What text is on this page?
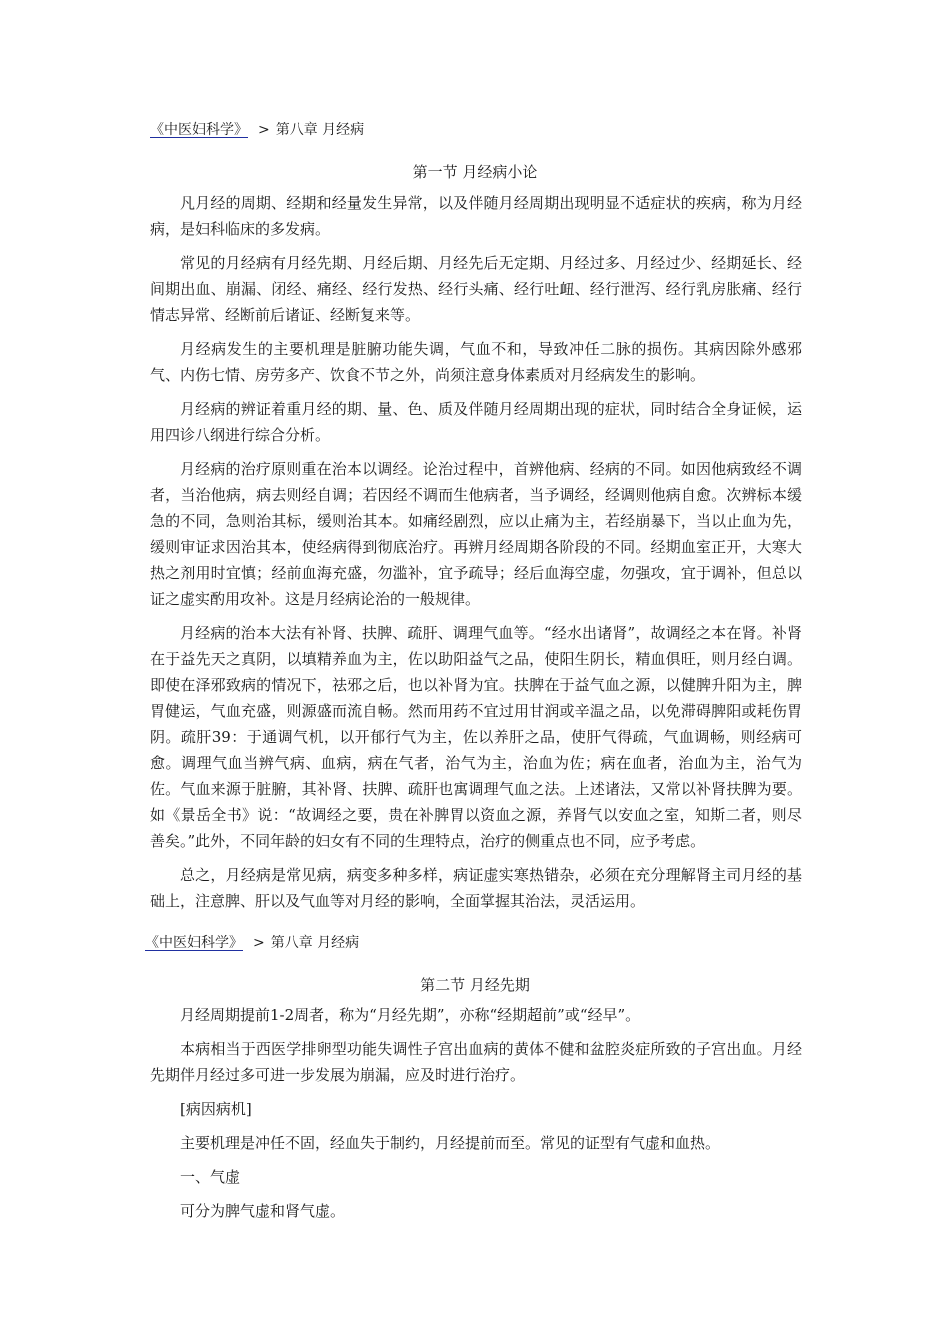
《中医妇科学》 > 第八章 月经病
第一节 月经病小论

凡月经的周期、经期和经量发生异常，以及伴随月经周期出现明显不适症状的疾病，称为月经病，是妇科临床的多发病。

常见的月经病有月经先期、月经后期、月经先后无定期、月经过多、月经过少、经期延长、经间期出血、崩漏、闭经、痛经、经行发热、经行头痛、经行吐衄、经行泄泻、经行乳房胀痛、经行情志异常、经断前后诸证、经断复来等。

月经病发生的主要机理是脏腑功能失调，气血不和，导致冲任二脉的损伤。其病因除外感邪气、内伤七情、房劳多产、饮食不节之外，尚须注意身体素质对月经病发生的影响。

月经病的辨证着重月经的期、量、色、质及伴随月经周期出现的症状，同时结合全身证候，运用四诊八纲进行综合分析。

月经病的治疗原则重在治本以调经。论治过程中，首辨他病、经病的不同。如因他病致经不调者，当治他病，病去则经自调；若因经不调而生他病者，当予调经，经调则他病自愈。次辨标本缓急的不同，急则治其标，缓则治其本。如痛经剧烈，应以止痛为主，若经崩暴下，当以止血为先，缓则审证求因治其本，使经病得到彻底治疗。再辨月经周期各阶段的不同。经期血室正开，大寒大热之剂用时宜慎；经前血海充盛，勿滥补，宜予疏导；经后血海空虚，勿强攻，宜于调补，但总以证之虚实酌用攻补。这是月经病论治的一般规律。

月经病的治本大法有补肾、扶脾、疏肝、调理气血等。“经水出诸肾”，故调经之本在肾。补肾在于益先天之真阴，以填精养血为主，佐以助阳益气之品，使阳生阴长，精血俱旺，则月经白调。即使在泽邪致病的情况下，祛邪之后，也以补肾为宜。扶脾在于益气血之源，以健脾升阳为主，脾胃健运，气血充盛，则源盛而流自畅。然而用药不宜过用甘润或辛温之品，以免滞碍脾阳或耗伤胃阴。疏肝39：于通调气机，以开郁行气为主，佐以养肝之品，使肝气得疏，气血调畅，则经病可愈。调理气血当辨气病、血病，病在气者，治气为主，治血为佐；病在血者，治血为主，治气为佐。气血来源于脏腑，其补肾、扶脾、疏肝也寓调理气血之法。上述诸法，又常以补肾扶脾为要。如《景岳全书》说：“故调经之要，贵在补脾胃以资血之源，养肾气以安血之室，知斯二者，则尽善矣。”此外，不同年龄的妇女有不同的生理特点，治疗的侧重点也不同，应予考虑。

总之，月经病是常见病，病变多种多样，病证虚实寒热错杂，必须在充分理解肾主司月经的基础上，注意脾、肝以及气血等对月经的影响，全面掌握其治法，灵活运用。

《中医妇科学》 > 第八章 月经病
第二节 月经先期

月经周期提前1-2周者，称为“月经先期”，亦称“经期超前”或“经早”。

本病相当于西医学排卵型功能失调性子宫出血病的黄体不健和盆腔炎症所致的子宫出血。月经先期伴月经过多可进一步发展为崩漏，应及时进行治疗。

[病因病机]

主要机理是冲任不固，经血失于制约，月经提前而至。常见的证型有气虚和血热。

一、气虚

可分为脾气虚和肾气虚。
